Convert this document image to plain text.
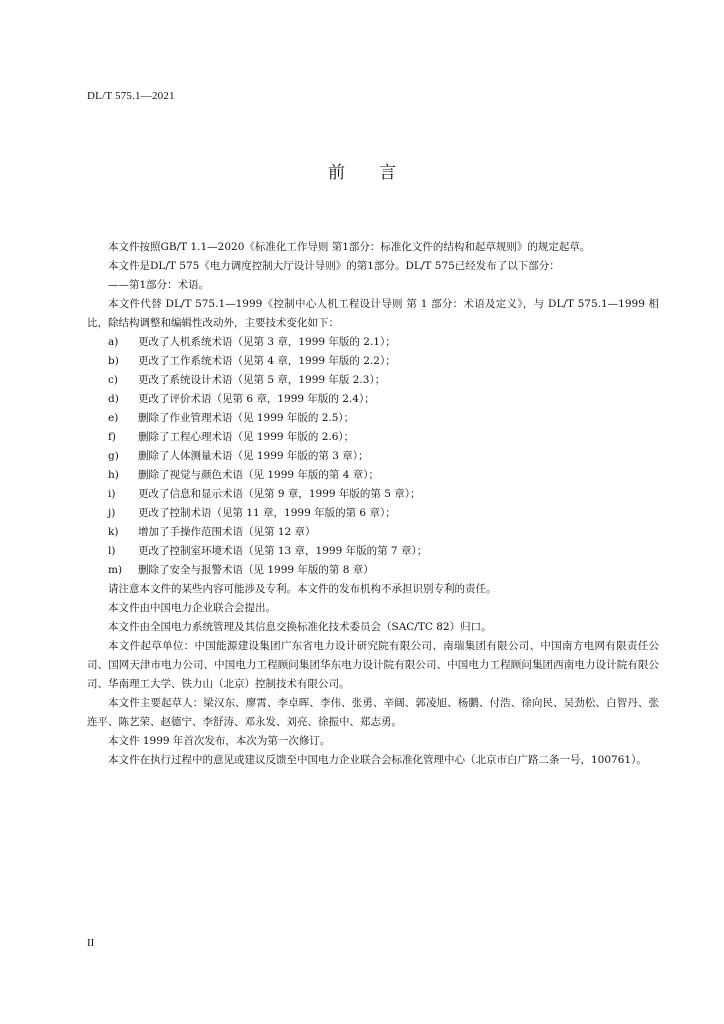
DL/T 575.1—2021
前言

本文件按照GB/T 1.1—2020《标准化工作导则 第1部分：标准化文件的结构和起草规则》的规定起草。

本文件是DL/T 575《电力调度控制大厅设计导则》的第1部分。DL/T 575已经发布了以下部分：

——第1部分：术语。

本文件代替 DL/T 575.1—1999《控制中心人机工程设计导则 第 1 部分：术语及定义》，与 DL/T 575.1—1999 相比，除结构调整和编辑性改动外，主要技术变化如下：

a)	更改了人机系统术语（见第 3 章，1999 年版的 2.1）；
b)	更改了工作系统术语（见第 4 章，1999 年版的 2.2）；
c)	更改了系统设计术语（见第 5 章，1999 年版 2.3）；
d)	更改了评价术语（见第 6 章，1999 年版的 2.4）；
e)	删除了作业管理术语（见 1999 年版的 2.5）；
f)	删除了工程心理术语（见 1999 年版的 2.6）；
g)	删除了人体测量术语（见 1999 年版的第 3 章）；
h)	删除了视觉与颜色术语（见 1999 年版的第 4 章）；
i)	更改了信息和显示术语（见第 9 章，1999 年版的第 5 章）；
j)	更改了控制术语（见第 11 章，1999 年版的第 6 章）；
k)	增加了手操作范围术语（见第 12 章）
l)	更改了控制室环境术语（见第 13 章，1999 年版的第 7 章）；
m)	删除了安全与报警术语（见 1999 年版的第 8 章）

请注意本文件的某些内容可能涉及专利。本文件的发布机构不承担识别专利的责任。

本文件由中国电力企业联合会提出。

本文件由全国电力系统管理及其信息交换标准化技术委员会（SAC/TC 82）归口。

本文件起草单位：中国能源建设集团广东省电力设计研究院有限公司、南瑞集团有限公司、中国南方电网有限责任公司、国网天津市电力公司、中国电力工程顾问集团华东电力设计院有限公司、中国电力工程顾问集团西南电力设计院有限公司、华南理工大学、铁力山（北京）控制技术有限公司。

本文件主要起草人：梁汉东、廖霄、李卓晖、李伟、张勇、辛阔、郭凌旭、杨鹏、付浩、徐向民、吴劲松、白智丹、张连平、陈艺荣、赵德宁、李舒涛、邓永发、刘亮、徐振中、郑志勇。

本文件 1999 年首次发布，本次为第一次修订。

本文件在执行过程中的意见或建议反馈至中国电力企业联合会标准化管理中心（北京市白广路二条一号，100761）。

II
